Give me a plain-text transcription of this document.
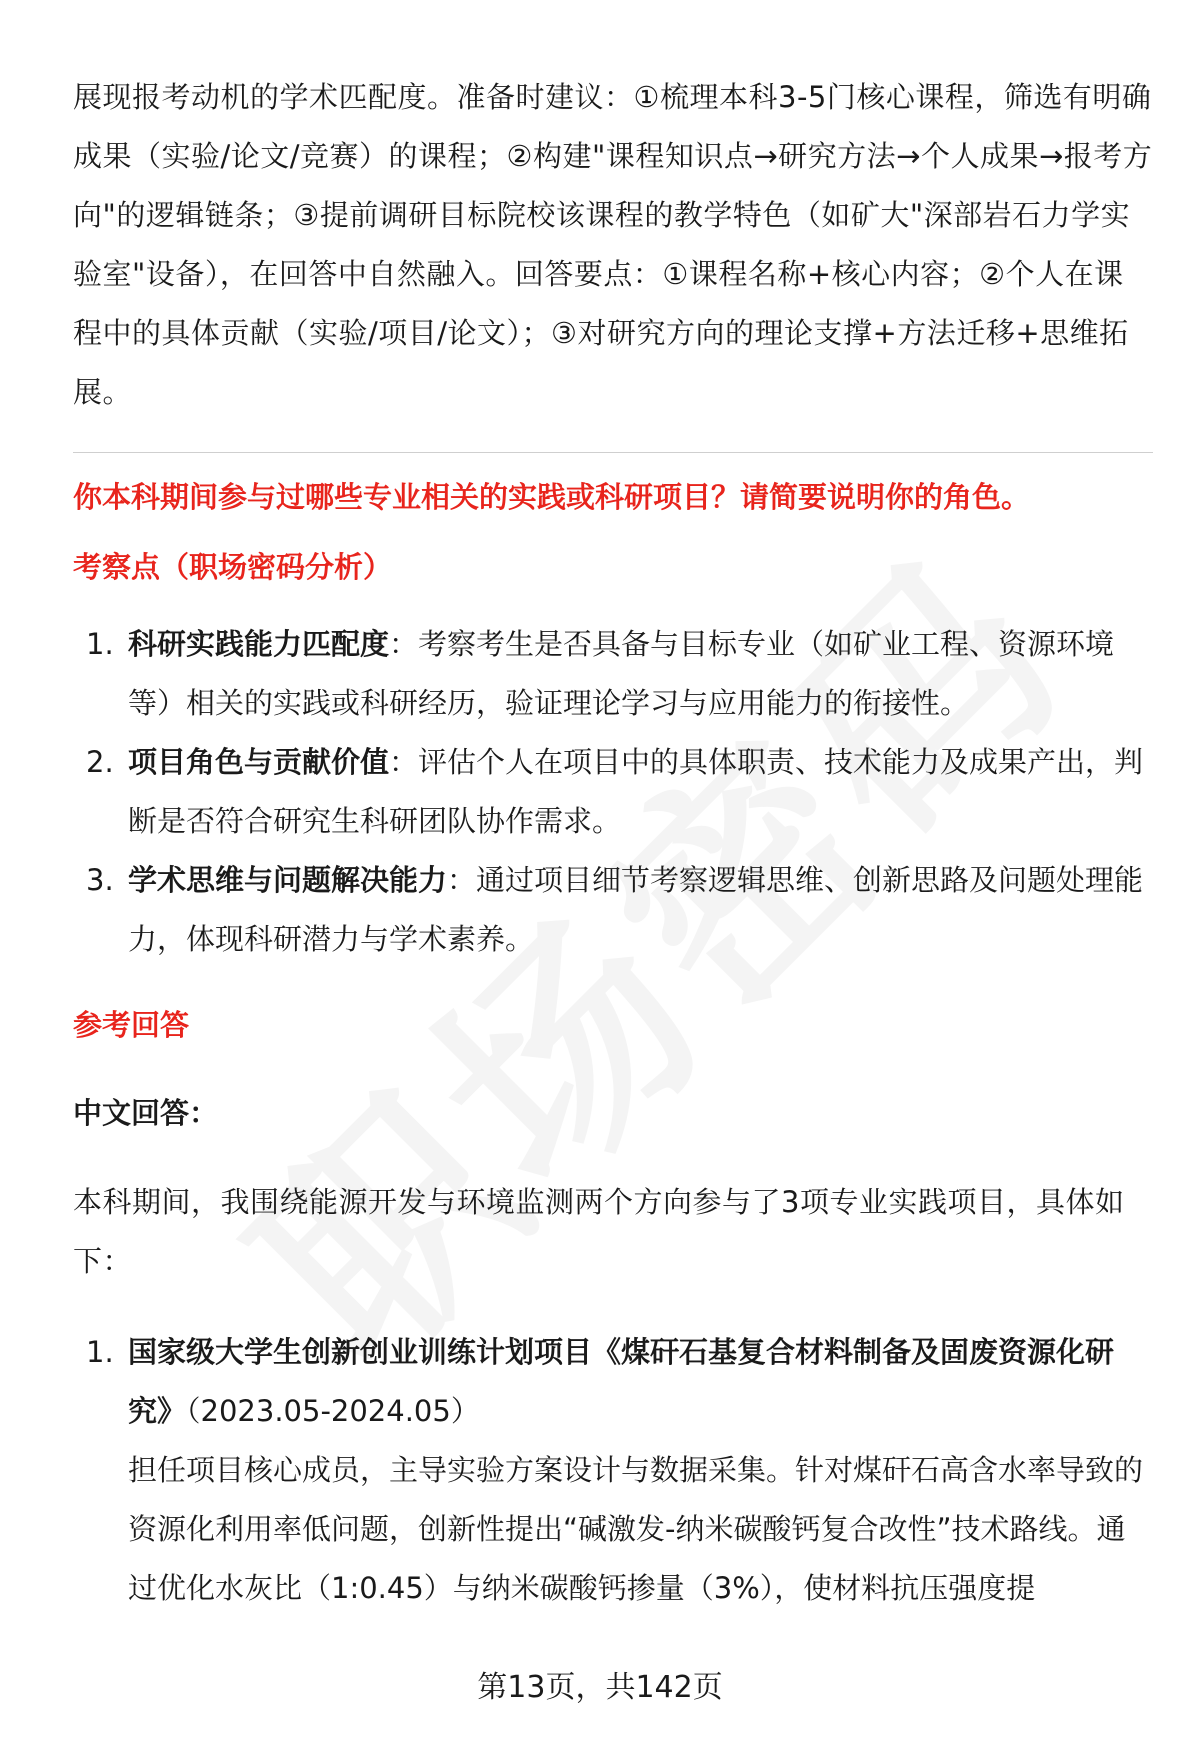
展现报考动机的学术匹配度。准备时建议：①梳理本科3-5门核心课程，筛选有明确成果（实验/论文/竞赛）的课程；②构建"课程知识点→研究方法→个人成果→报考方向"的逻辑链条；③提前调研目标院校该课程的教学特色（如矿大"深部岩石力学实验室"设备），在回答中自然融入。回答要点：①课程名称+核心内容；②个人在课程中的具体贡献（实验/项目/论文）；③对研究方向的理论支撑+方法迁移+思维拓展。

你本科期间参与过哪些专业相关的实践或科研项目？请简要说明你的角色。

考察点（职场密码分析）

1. 科研实践能力匹配度：考察考生是否具备与目标专业（如矿业工程、资源环境等）相关的实践或科研经历，验证理论学习与应用能力的衔接性。
2. 项目角色与贡献价值：评估个人在项目中的具体职责、技术能力及成果产出，判断是否符合研究生科研团队协作需求。
3. 学术思维与问题解决能力：通过项目细节考察逻辑思维、创新思路及问题处理能力，体现科研潜力与学术素养。

参考回答

中文回答：

本科期间，我围绕能源开发与环境监测两个方向参与了3项专业实践项目，具体如下：

1. 国家级大学生创新创业训练计划项目《煤矸石基复合材料制备及固废资源化研究》（2023.05-2024.05）
担任项目核心成员，主导实验方案设计与数据采集。针对煤矸石高含水率导致的资源化利用率低问题，创新性提出“碱激发-纳米碳酸钙复合改性”技术路线。通过优化水灰比（1:0.45）与纳米碳酸钙掺量（3%），使材料抗压强度提
第13页，共142页
